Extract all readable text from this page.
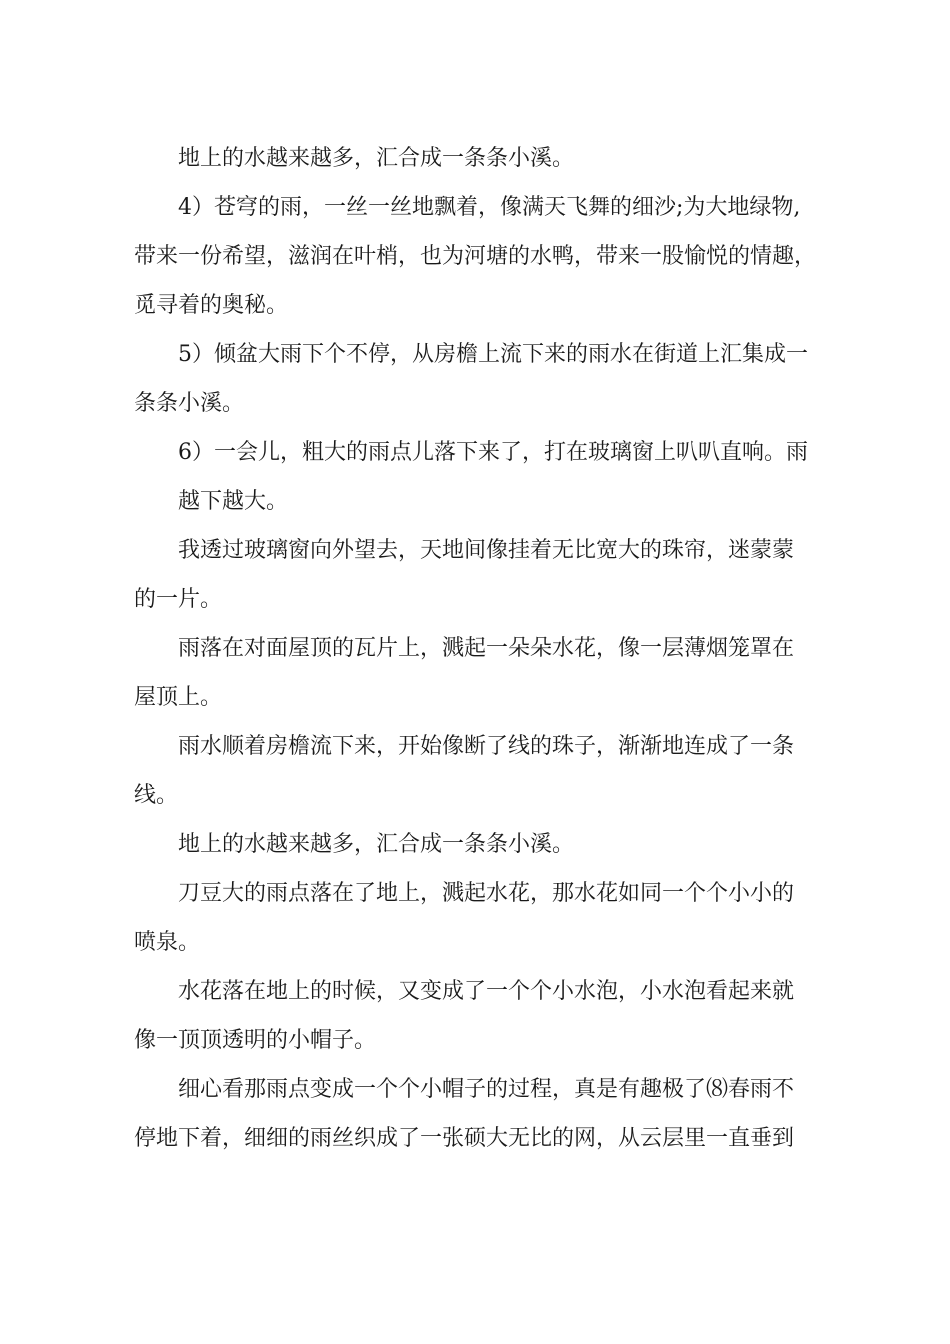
地上的水越来越多，汇合成一条条小溪。
4）苍穹的雨，一丝一丝地飘着，像满天飞舞的细沙;为大地绿物,
带来一份希望，滋润在叶梢，也为河塘的水鸭，带来一股愉悦的情趣，
觅寻着的奥秘。
5）倾盆大雨下个不停，从房檐上流下来的雨水在街道上汇集成一
条条小溪。
6）一会儿，粗大的雨点儿落下来了，打在玻璃窗上叭叭直响。雨
越下越大。
我透过玻璃窗向外望去，天地间像挂着无比宽大的珠帘，迷蒙蒙
的一片。
雨落在对面屋顶的瓦片上，溅起一朵朵水花，像一层薄烟笼罩在
屋顶上。
雨水顺着房檐流下来，开始像断了线的珠子，渐渐地连成了一条
线。
地上的水越来越多，汇合成一条条小溪。
刀豆大的雨点落在了地上，溅起水花，那水花如同一个个小小的
喷泉。
水花落在地上的时候，又变成了一个个小水泡，小水泡看起来就
像一顶顶透明的小帽子。
细心看那雨点变成一个个小帽子的过程，真是有趣极了⑻春雨不
停地下着，细细的雨丝织成了一张硕大无比的网，从云层里一直垂到
